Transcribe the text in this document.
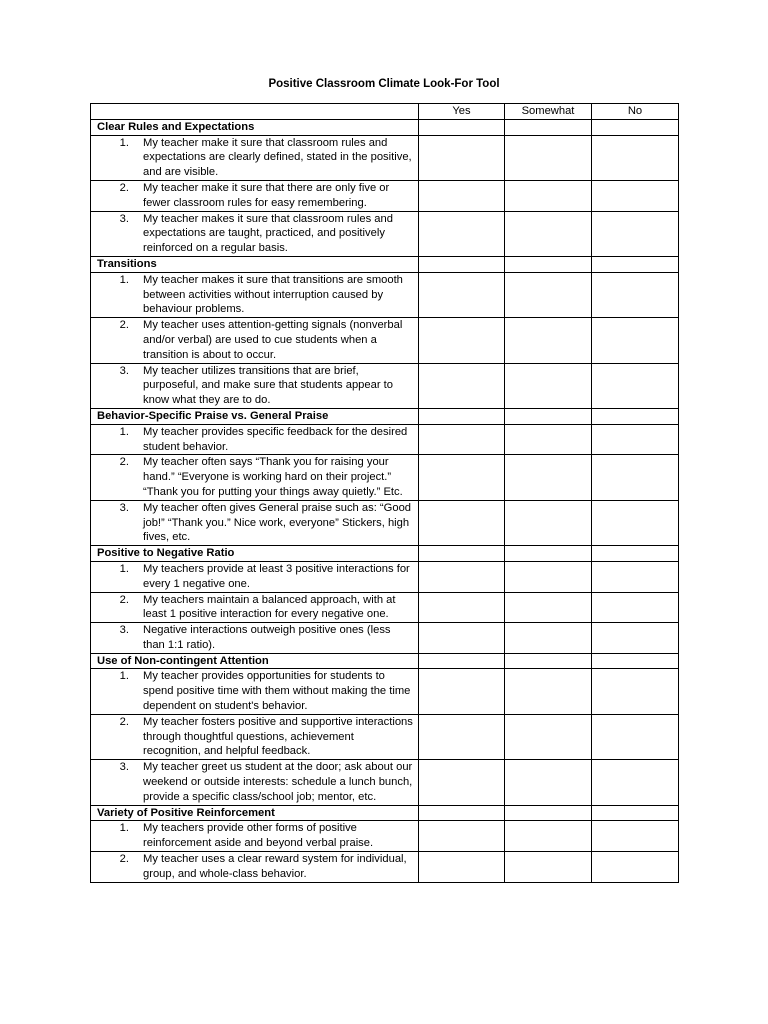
Positive Classroom Climate Look-For Tool
	Yes	Somewhat	No
Clear Rules and Expectations			

1. My teacher make it sure that classroom rules and expectations are clearly defined, stated in the positive, and are visible.			

2. My teacher make it sure that there are only five or fewer classroom rules for easy remembering.			

3. My teacher makes it sure that classroom rules and expectations are taught, practiced, and positively reinforced on a regular basis.			
Transitions			

1. My teacher makes it sure that transitions are smooth between activities without interruption caused by behaviour problems.			

2. My teacher uses attention-getting signals (nonverbal and/or verbal) are used to cue students when a transition is about to occur.			

3. My teacher utilizes transitions that are brief, purposeful, and make sure that students appear to know what they are to do.			
Behavior-Specific Praise vs. General Praise			

1. My teacher provides specific feedback for the desired student behavior.			

2. My teacher often says “Thank you for raising your hand.” “Everyone is working hard on their project.” “Thank you for putting your things away quietly.” Etc.			

3. My teacher often gives General praise such as: “Good job!” “Thank you.” Nice work, everyone” Stickers, high fives, etc.			
Positive to Negative Ratio			

1. My teachers provide at least 3 positive interactions for every 1 negative one.			

2. My teachers maintain a balanced approach, with at least 1 positive interaction for every negative one.			

3. Negative interactions outweigh positive ones (less than 1:1 ratio).			
Use of Non-contingent Attention			

1. My teacher provides opportunities for students to spend positive time with them without making the time dependent on student's behavior.			

2. My teacher fosters positive and supportive interactions through thoughtful questions, achievement recognition, and helpful feedback.			

3. My teacher greet us student at the door; ask about our weekend or outside interests: schedule a lunch bunch, provide a specific class/school job; mentor, etc.			
Variety of Positive Reinforcement			

1. My teachers provide other forms of positive reinforcement aside and beyond verbal praise.			

2. My teacher uses a clear reward system for individual, group, and whole-class behavior.			
